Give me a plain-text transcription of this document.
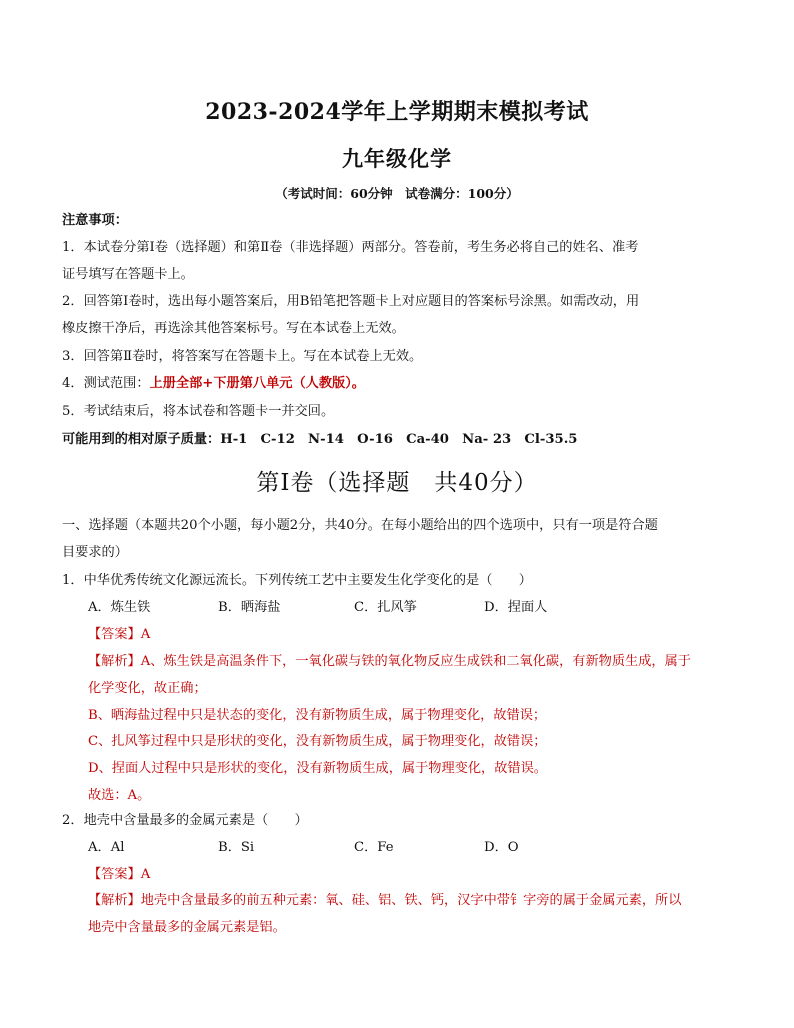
2023-2024学年上学期期末模拟考试
九年级化学
（考试时间：60分钟　试卷满分：100分）
注意事项：
1．本试卷分第Ⅰ卷（选择题）和第Ⅱ卷（非选择题）两部分。答卷前，考生务必将自己的姓名、准考
证号填写在答题卡上。
2．回答第Ⅰ卷时，选出每小题答案后，用B铅笔把答题卡上对应题目的答案标号涂黑。如需改动，用
橡皮擦干净后，再选涂其他答案标号。写在本试卷上无效。
3．回答第Ⅱ卷时，将答案写在答题卡上。写在本试卷上无效。
4．测试范围：上册全部+下册第八单元（人教版）。
5．考试结束后，将本试卷和答题卡一并交回。
可能用到的相对原子质量：H-1　C-12　N-14　O-16　Ca-40　Na- 23　Cl-35.5
第Ⅰ卷（选择题　共40分）
一、选择题（本题共20个小题，每小题2分，共40分。在每小题给出的四个选项中，只有一项是符合题
目要求的）
1．中华优秀传统文化源远流长。下列传统工艺中主要发生化学变化的是（　　）
A．炼生铁	B．晒海盐	C．扎风筝	D．捏面人
【答案】A
【解析】A、炼生铁是高温条件下，一氧化碳与铁的氧化物反应生成铁和二氧化碳，有新物质生成，属于
化学变化，故正确；
B、晒海盐过程中只是状态的变化，没有新物质生成，属于物理变化，故错误；
C、扎风筝过程中只是形状的变化，没有新物质生成，属于物理变化，故错误；
D、捏面人过程中只是形状的变化，没有新物质生成，属于物理变化，故错误。
故选：A。
2．地壳中含量最多的金属元素是（　　）
A．Al	B．Si	C．Fe	D．O
【答案】A
【解析】地壳中含量最多的前五种元素：氧、硅、铝、铁、钙，汉字中带钅字旁的属于金属元素，所以
地壳中含量最多的金属元素是铝。
